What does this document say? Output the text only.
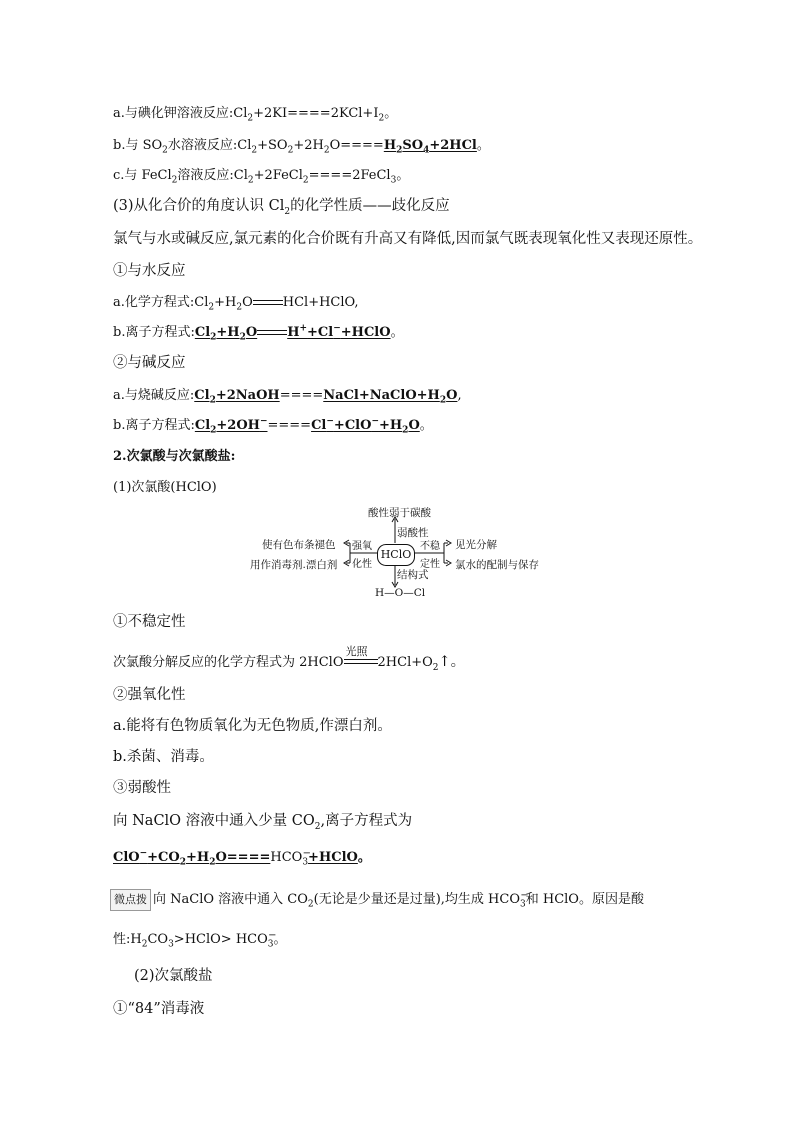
a.与碘化钾溶液反应$:Cl_2+2KI====2KCl+I_2$。
b.与 $SO_2$水溶液反应$:Cl_2+SO_2+2H_2O====H_2SO_4+2HCl$。
c.与 FeCl$_2$溶液反应$:Cl_2+2FeCl_2====2FeCl_3$。
(3)从化合价的角度认识 $Cl_2$的化学性质——歧化反应
氯气与水或碱反应,氯元素的化合价既有升高又有降低,因而氯气既表现氧化性又表现还原性。
①与水反应
a.化学方程式$:Cl_2+H_2O$ HCl+HClO,
b.离子方程式$:Cl_2+H_2O$ H++Cl−+HClO。
②与碱反应
a.与烧碱反应$:Cl_2+2NaOH====NaCl+NaClO+H_2O$,
b.离子方程式$:Cl_2+2OH^-====Cl^-+ClO^-+H_2O$。
2.次氯酸与次氯酸盐:
(1)次氯酸(HClO)
酸性弱于碳酸
弱酸性
HClO
强氧
化性
使有色布条褪色
用作消毒剂.漂白剂
不稳
定性
见光分解
氯水的配制与保存
结构式
H—O—Cl
①不稳定性
次氯酸分解反应的化学方程式为 2HClO
光照
$2HCl+O_2↑$。
②强氧化性
a.能将有色物质氧化为无色物质,作漂白剂。
b.杀菌、消毒。
③弱酸性
向 NaClO 溶液中通入少量 $CO_2$,离子方程式为
$ClO^-+CO_2+H_2O====HCO_3$
−
+HClO。
微点拨 向 NaClO 溶液中通入 $CO_2$(无论是少量还是过量),均生成 $HCO_3$
−
和 HClO。原因是酸
性$:H_2CO_3>HClO> HCO_3$
−
。
(2)次氯酸盐
①“84”消毒液
